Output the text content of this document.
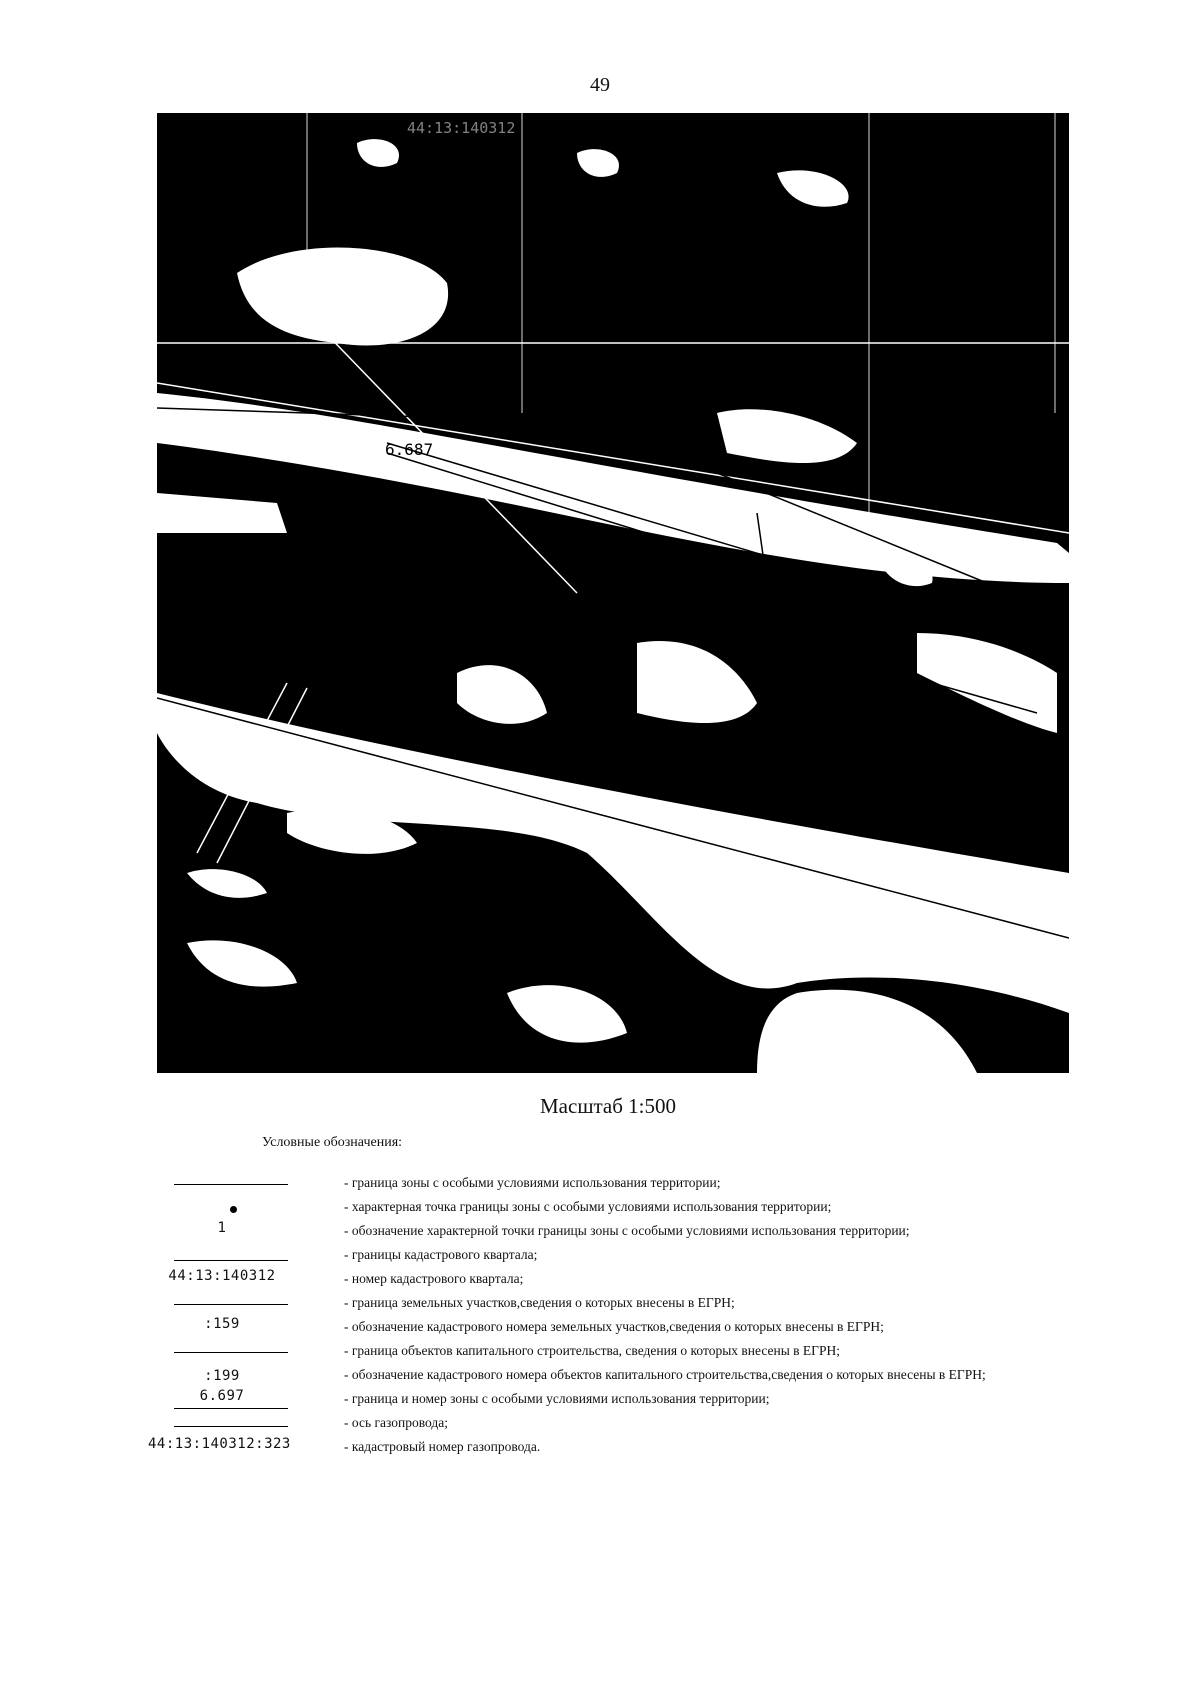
49
Ю
6.687
:17
44:13:140312
Масштаб 1:500
Условные обозначения:
- граница зоны с особыми условиями использования территории;
- характерная точка границы зоны с особыми условиями использования территории;
1	- обозначение характерной точки границы зоны с особыми условиями использования территории;
- границы кадастрового квартала;
44:13:140312	- номер кадастрового квартала;
- граница земельных участков,сведения о которых внесены в ЕГРН;
:159	- обозначение кадастрового номера земельных участков,сведения о которых внесены в ЕГРН;
- граница объектов капитального строительства, сведения о которых внесены в ЕГРН;
:199	- обозначение кадастрового номера объектов капитального строительства,сведения о которых внесены в ЕГРН;
6.697	- граница и номер зоны с особыми условиями использования территории;
- ось газопровода;
44:13:140312:323	- кадастровый номер газопровода.
